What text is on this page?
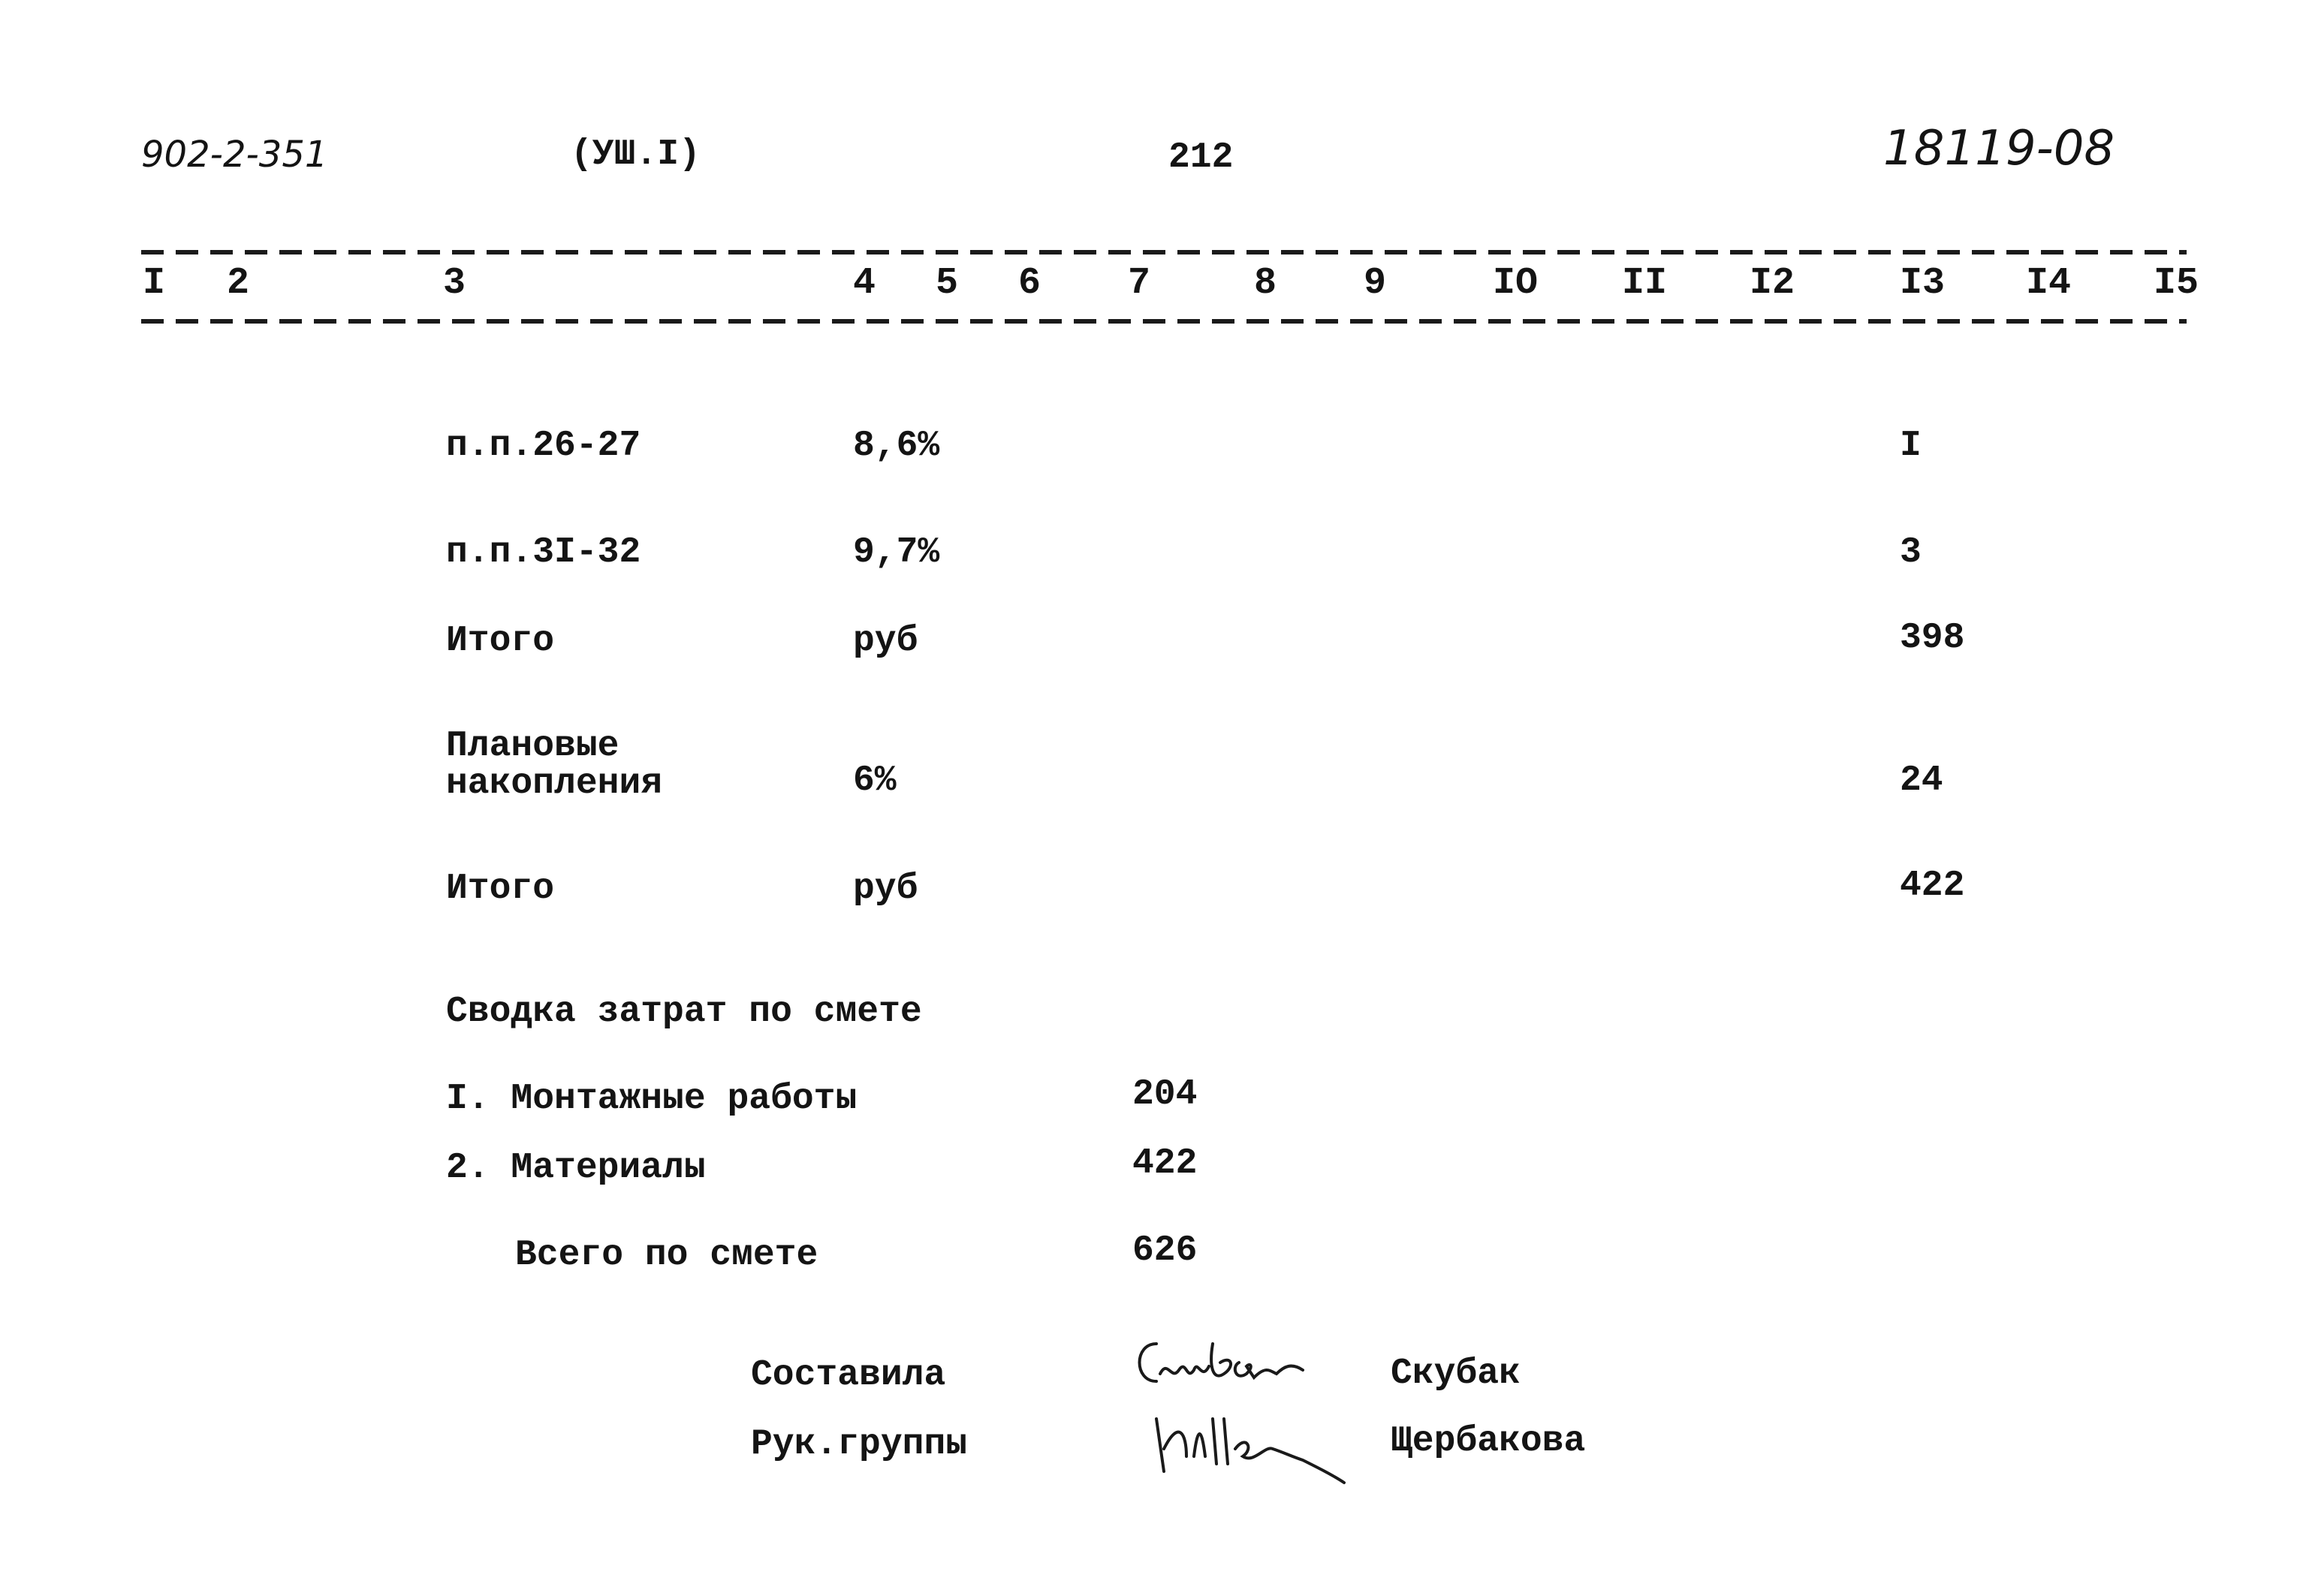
902-2-351	(УШ.I)	212	18119-08
I 2	3	4 5 6 7	8 9	IO II I2	I3 I4 I5
п.п.26-27	8,6%	I
п.п.3I-32	9,7%	3
Итого	руб	398
Плановые
накопления	6%	24
Итого	руб	422
Сводка затрат по смете
I. Монтажные работы	204
2. Материалы	422
Всего по смете	626
Составила	Скубак
Рук.группы	Щербакова
